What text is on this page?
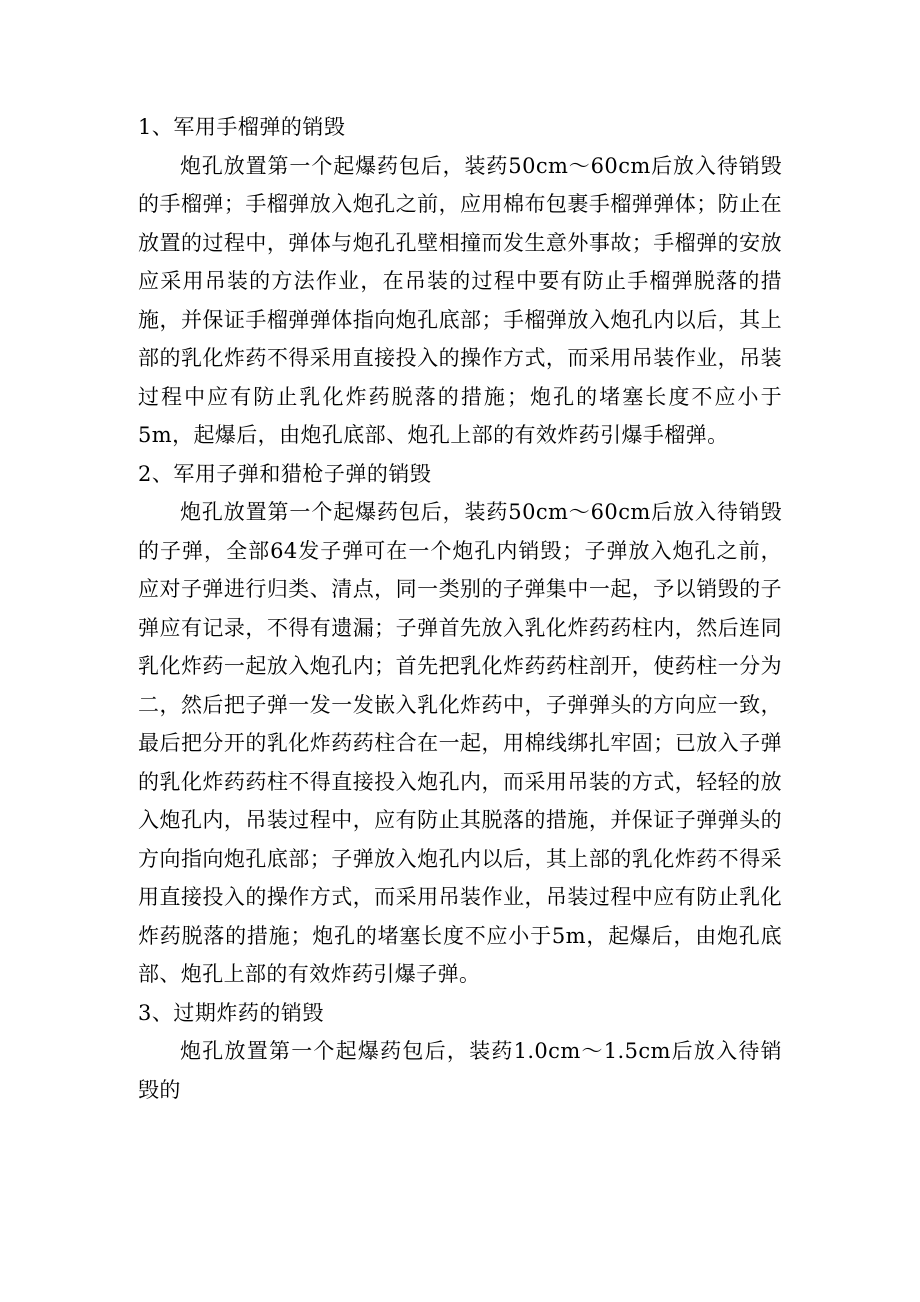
1、军用手榴弹的销毁

炮孔放置第一个起爆药包后，装药50cm～60cm后放入待销毁的手榴弹；手榴弹放入炮孔之前，应用棉布包裹手榴弹弹体；防止在放置的过程中，弹体与炮孔孔壁相撞而发生意外事故；手榴弹的安放应采用吊装的方法作业，在吊装的过程中要有防止手榴弹脱落的措施，并保证手榴弹弹体指向炮孔底部；手榴弹放入炮孔内以后，其上部的乳化炸药不得采用直接投入的操作方式，而采用吊装作业，吊装过程中应有防止乳化炸药脱落的措施；炮孔的堵塞长度不应小于5m，起爆后，由炮孔底部、炮孔上部的有效炸药引爆手榴弹。

2、军用子弹和猎枪子弹的销毁

炮孔放置第一个起爆药包后，装药50cm～60cm后放入待销毁的子弹，全部64发子弹可在一个炮孔内销毁；子弹放入炮孔之前，应对子弹进行归类、清点，同一类别的子弹集中一起，予以销毁的子弹应有记录，不得有遗漏；子弹首先放入乳化炸药药柱内，然后连同乳化炸药一起放入炮孔内；首先把乳化炸药药柱剖开，使药柱一分为二，然后把子弹一发一发嵌入乳化炸药中，子弹弹头的方向应一致，最后把分开的乳化炸药药柱合在一起，用棉线绑扎牢固；已放入子弹的乳化炸药药柱不得直接投入炮孔内，而采用吊装的方式，轻轻的放入炮孔内，吊装过程中，应有防止其脱落的措施，并保证子弹弹头的方向指向炮孔底部；子弹放入炮孔内以后，其上部的乳化炸药不得采用直接投入的操作方式，而采用吊装作业，吊装过程中应有防止乳化炸药脱落的措施；炮孔的堵塞长度不应小于5m，起爆后，由炮孔底部、炮孔上部的有效炸药引爆子弹。

3、过期炸药的销毁

炮孔放置第一个起爆药包后，装药1.0cm～1.5cm后放入待销毁的
